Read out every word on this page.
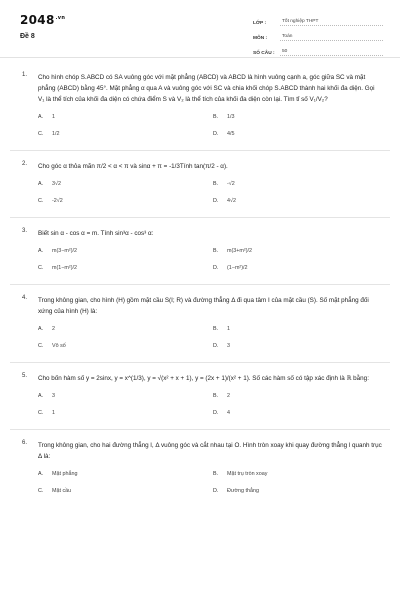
$2048^{.vn}$
Đề 8
LỚP :	Tốt nghiệp THPT
MÔN :	Toán
SỐ CÂU :	50
1. Cho hình chóp S.ABCD có SA vuông góc với mặt phẳng (ABCD) và ABCD là hình vuông cạnh a, góc giữa SC và mặt phẳng (ABCD) bằng 45°. Mặt phẳng α qua A và vuông góc với SC và chia khối chóp S.ABCD thành hai khối đa diện. Gọi V₁ là thể tích của khối đa diện có chứa điểm S và V₂ là thể tích của khối đa diện còn lại. Tìm tỉ số V₁/V₂?
A.	1	B.	1/3
C.	1/2	D.	4/5
2. Cho góc α thỏa mãn π/2 < α < π và sinα + π = -1/3Tính tan(π/2 - α).
A.	3√2	B.	-√2
C.	-2√2	D.	4√2
3. Biết sin α - cos α = m. Tính sin³α - cos³ α:
A.	m(3−m²)/2	B.	m(3+m²)/2
C.	m(1−m²)/2	D.	(1−m²)/2
4. Trong không gian, cho hình (H) gồm mặt cầu S(I; R) và đường thẳng Δ đi qua tâm I của mặt cầu (S). Số mặt phẳng đối xứng của hình (H) là:
A.	2	B.	1
C.	Vô số	D.	3
5. Cho bốn hàm số y = 2sinx, y = x^(1/3), y = √(x² + x + 1), y = (2x + 1)/(x² + 1). Số các hàm số có tập xác định là ℝ bằng:
A.	3	B.	2
C.	1	D.	4
6. Trong không gian, cho hai đường thẳng l, Δ vuông góc và cắt nhau tại O. Hình tròn xoay khi quay đường thẳng l quanh trục Δ là:
A.	Mặt phẳng	B.	Mặt trụ tròn xoay
C.	Mặt cầu	D.	Đường thẳng
